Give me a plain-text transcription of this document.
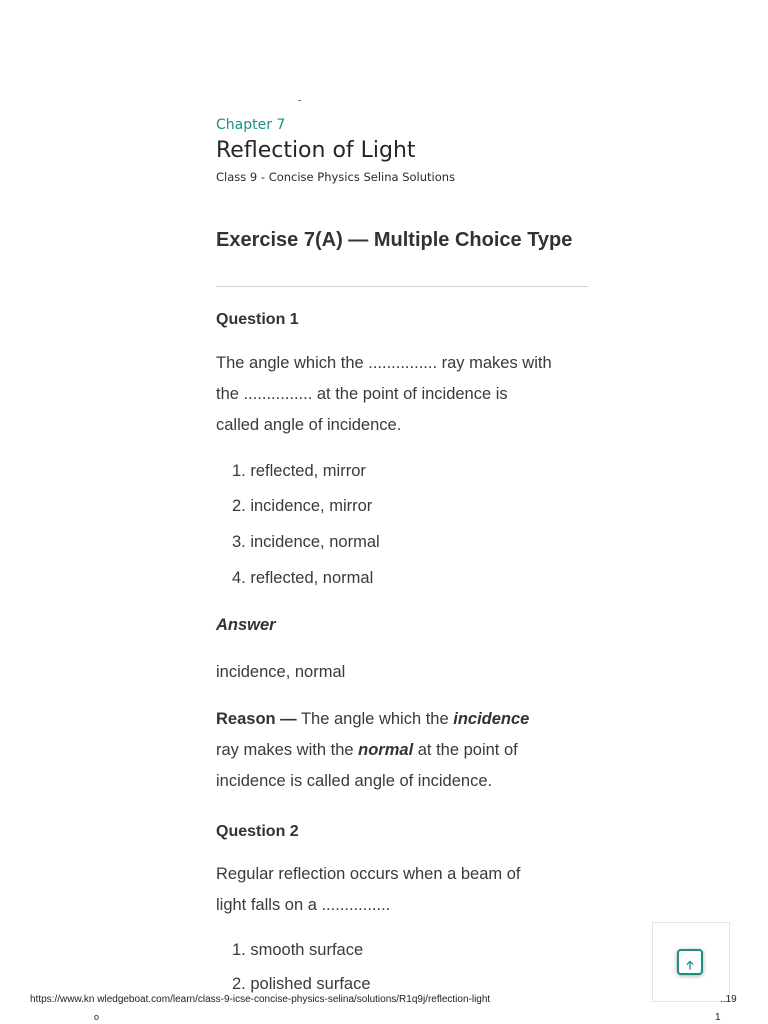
Chapter 7
Reflection of Light
Class 9 - Concise Physics Selina Solutions
Exercise 7(A) — Multiple Choice Type
Question 1
The angle which the ............... ray makes with
the ............... at the point of incidence is
called angle of incidence.
1. reflected, mirror
2. incidence, mirror
3. incidence, normal
4. reflected, normal
Answer
incidence, normal
Reason — The angle which the incidence
ray makes with the normal at the point of
incidence is called angle of incidence.
Question 2
Regular reflection occurs when a beam of
light falls on a ...............
1. smooth surface
2. polished surface
https://www.kn wledgeboat.com/learn/class-9-icse-concise-physics-selina/solutions/R1q9j/reflection-light	..19
o	1
